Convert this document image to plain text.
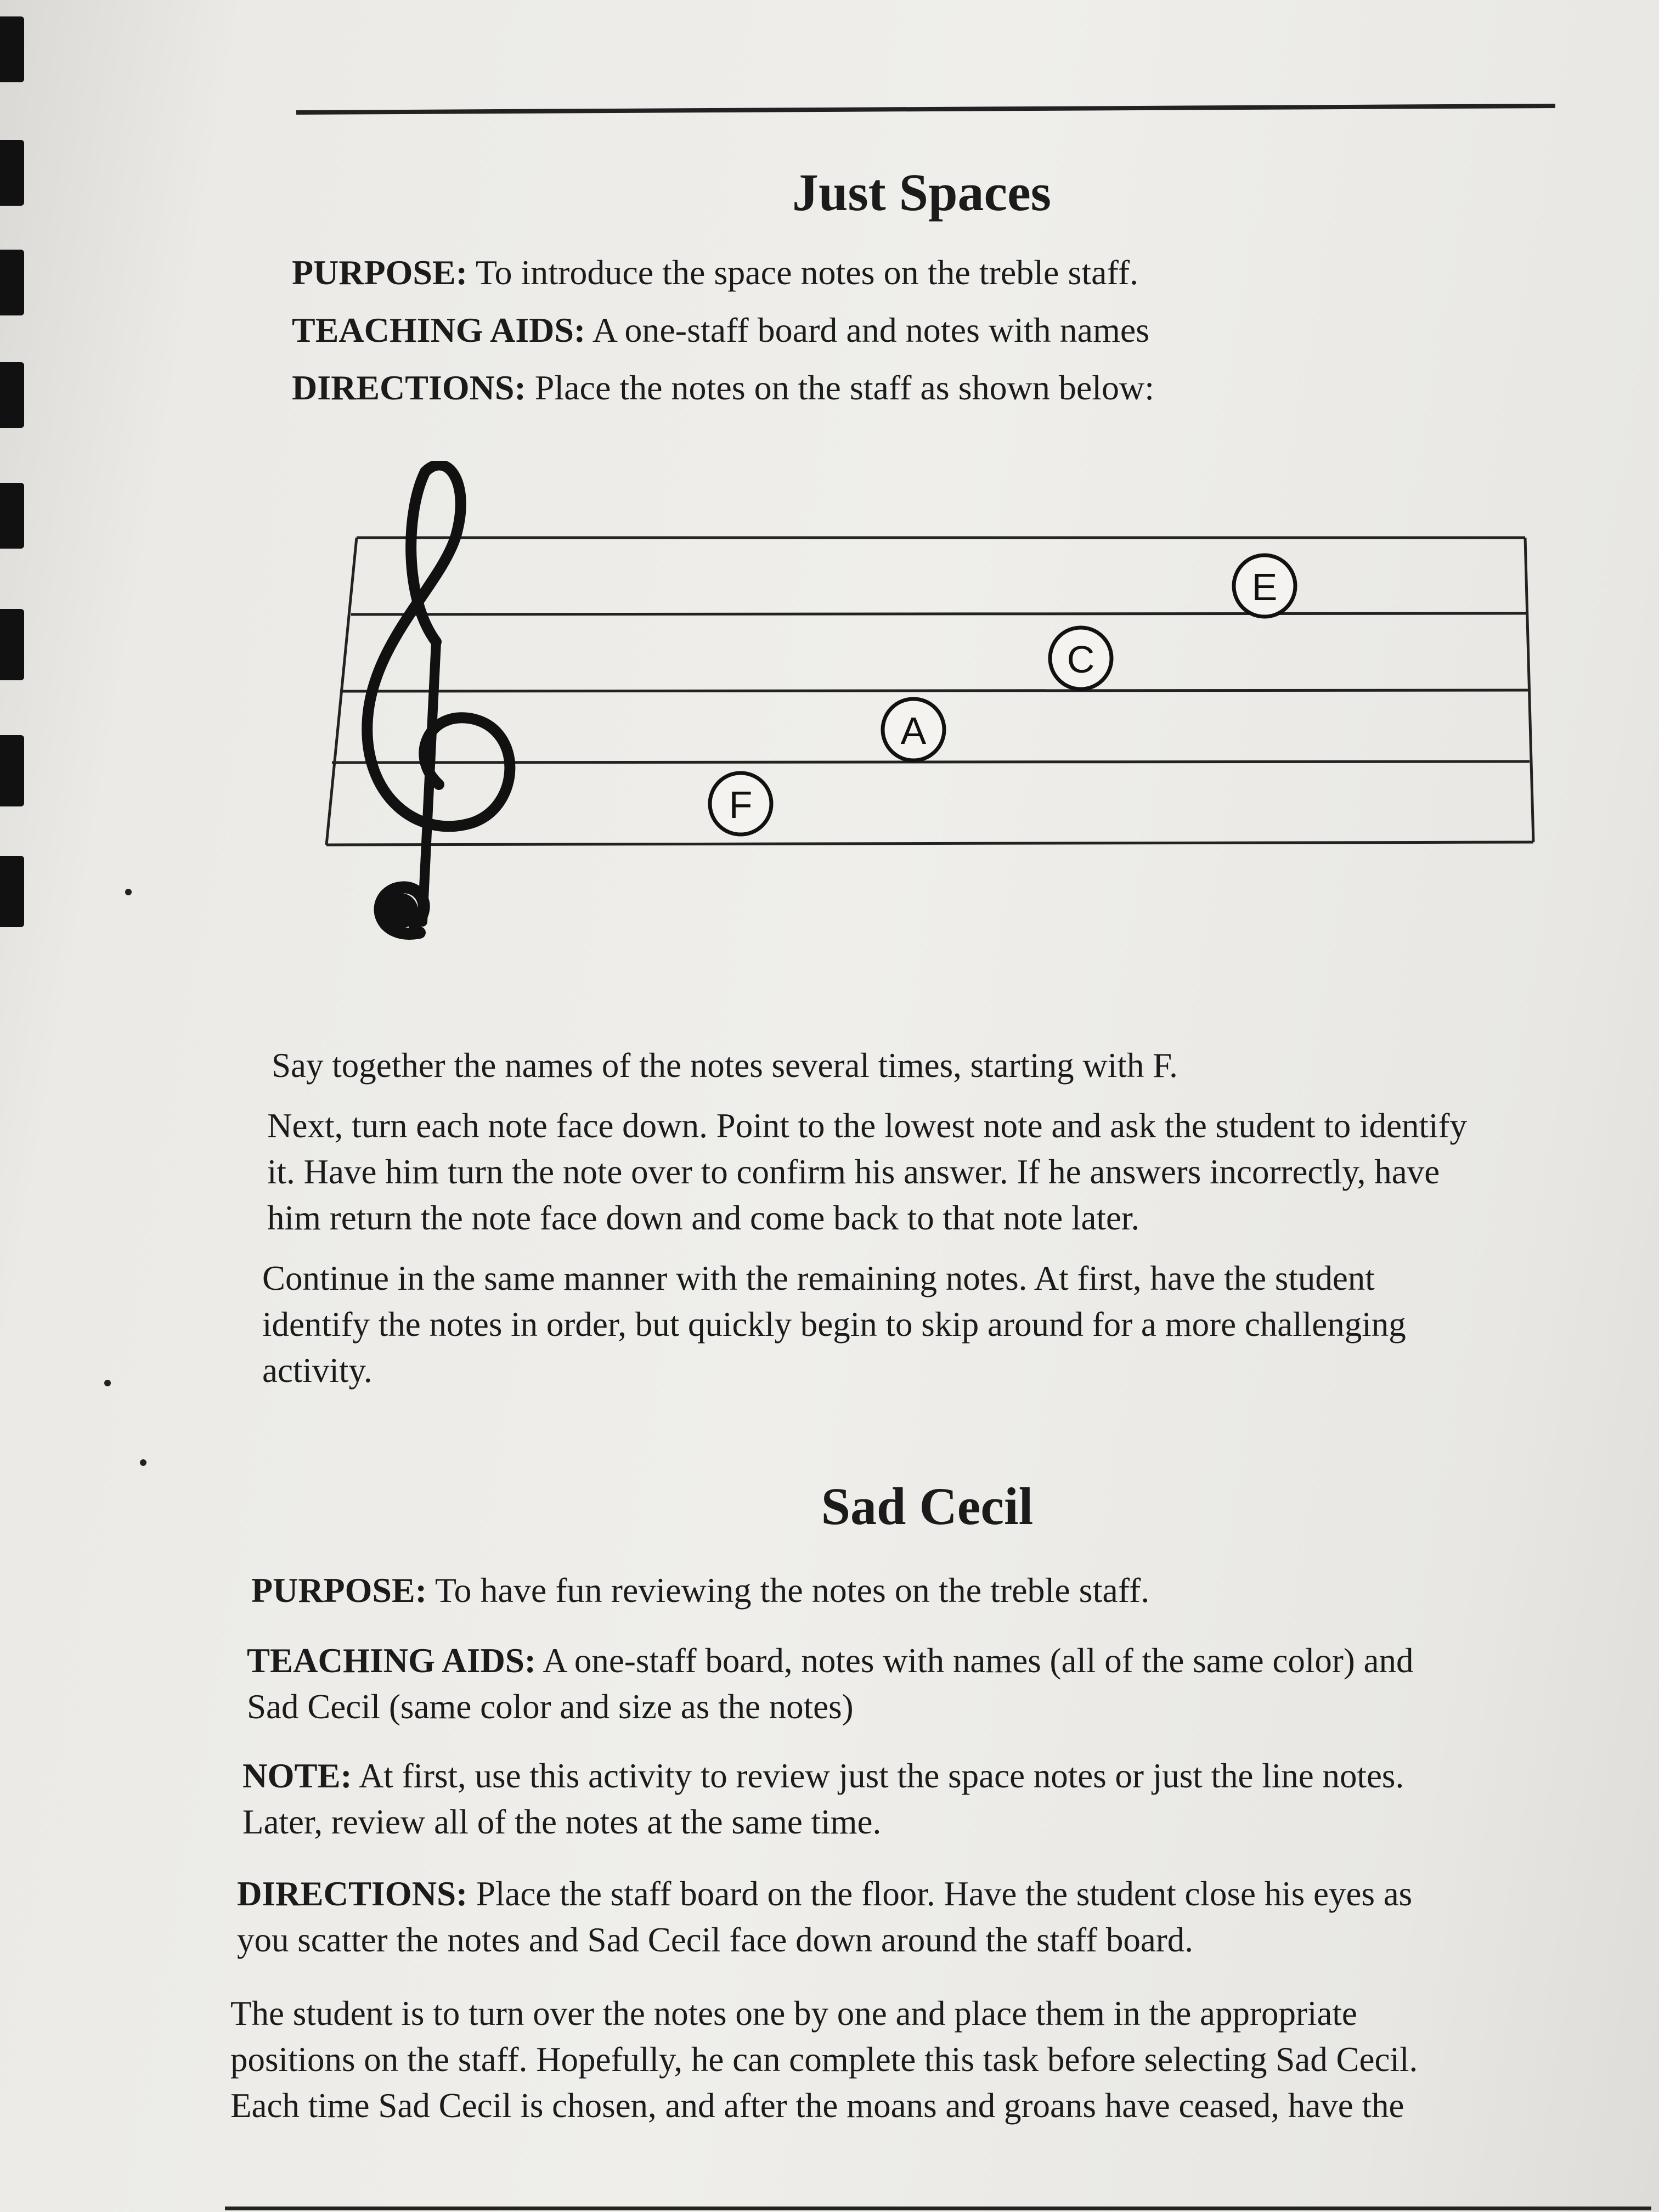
Just Spaces
PURPOSE: To introduce the space notes on the treble staff.
TEACHING AIDS: A one-staff board and notes with names
DIRECTIONS: Place the notes on the staff as shown below:
F
A
C
E
Say together the names of the notes several times, starting with F.
Next, turn each note face down. Point to the lowest note and ask the student to identify
it. Have him turn the note over to confirm his answer. If he answers incorrectly, have
him return the note face down and come back to that note later.
Continue in the same manner with the remaining notes. At first, have the student
identify the notes in order, but quickly begin to skip around for a more challenging
activity.
Sad Cecil
PURPOSE: To have fun reviewing the notes on the treble staff.
TEACHING AIDS: A one-staff board, notes with names (all of the same color) and
Sad Cecil (same color and size as the notes)
NOTE: At first, use this activity to review just the space notes or just the line notes.
Later, review all of the notes at the same time.
DIRECTIONS: Place the staff board on the floor. Have the student close his eyes as
you scatter the notes and Sad Cecil face down around the staff board.
The student is to turn over the notes one by one and place them in the appropriate
positions on the staff. Hopefully, he can complete this task before selecting Sad Cecil.
Each time Sad Cecil is chosen, and after the moans and groans have ceased, have the
